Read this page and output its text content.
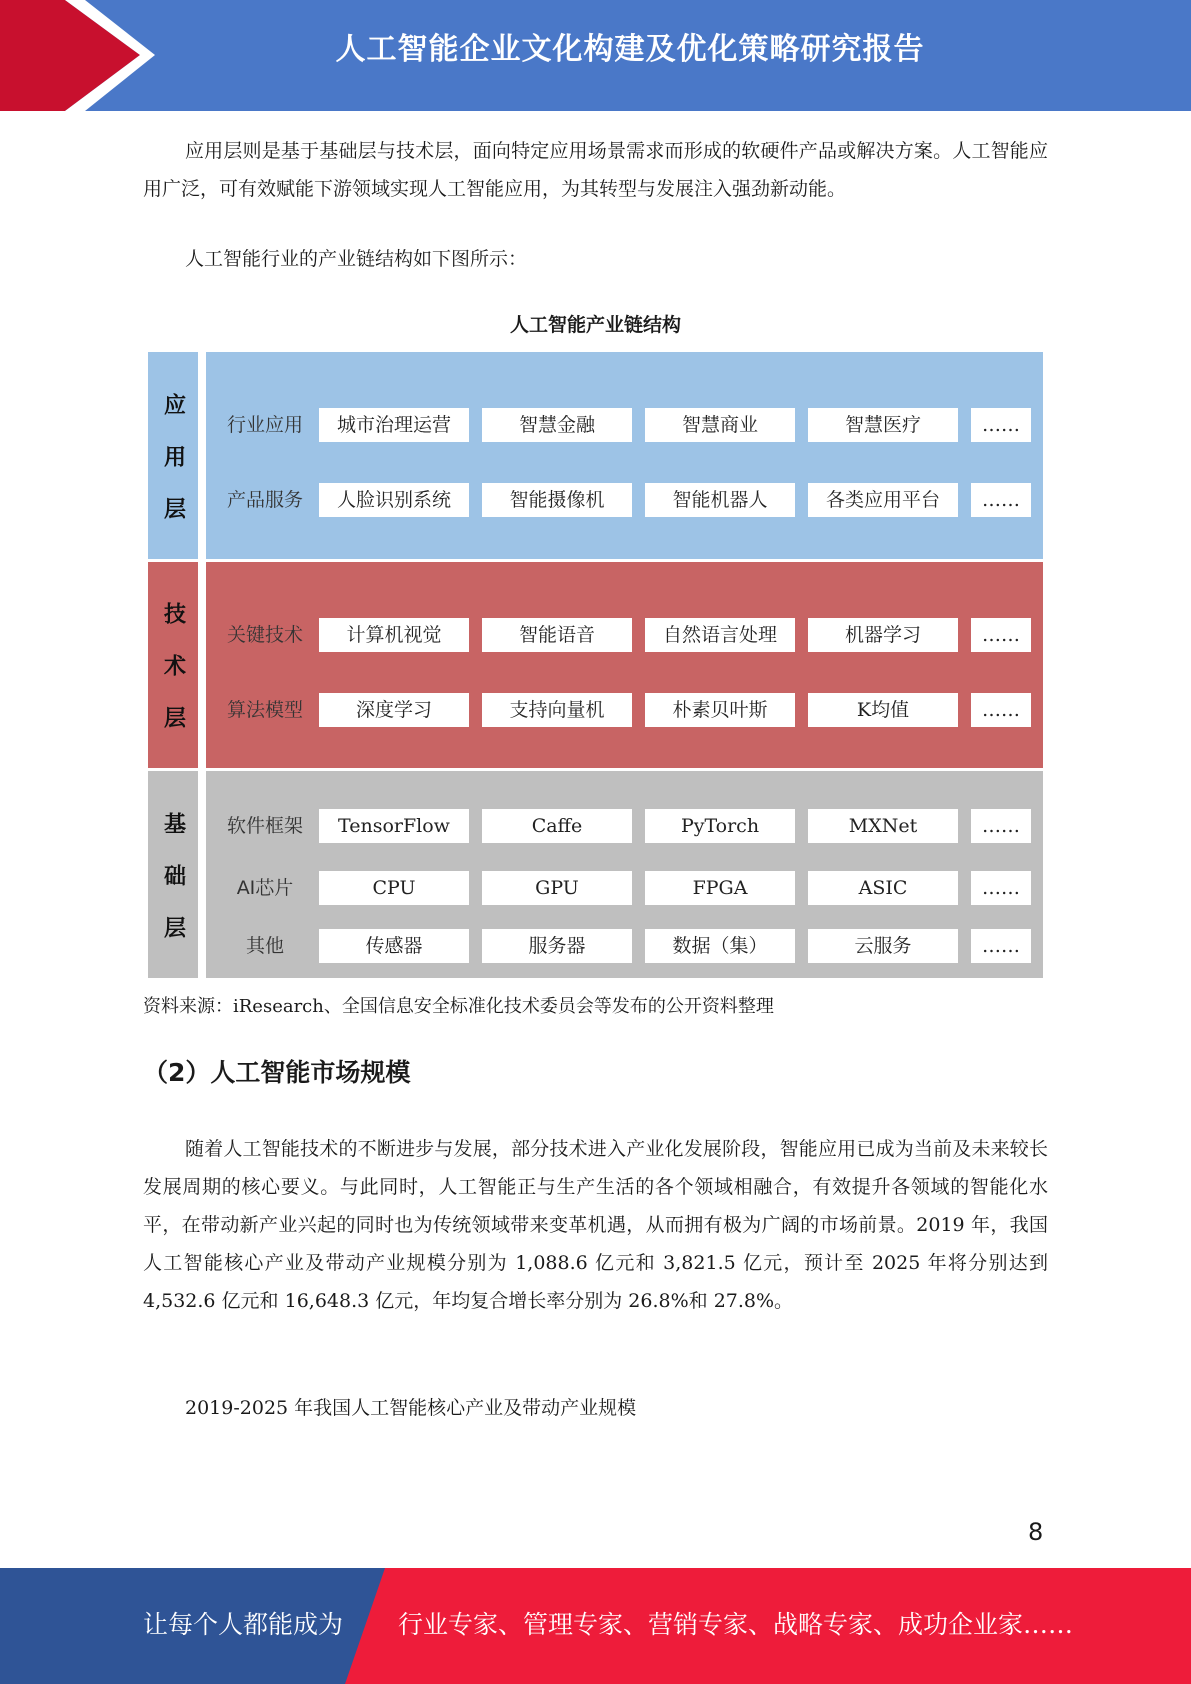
人工智能企业文化构建及优化策略研究报告
应用层则是基于基础层与技术层，面向特定应用场景需求而形成的软硬件产品或解决方案。人工智能应用广泛，可有效赋能下游领域实现人工智能应用，为其转型与发展注入强劲新动能。
人工智能行业的产业链结构如下图所示：
人工智能产业链结构
应用层	行业应用	城市治理运营	智慧金融	智慧商业	智慧医疗	……
产品服务	人脸识别系统	智能摄像机	智能机器人	各类应用平台	……
技术层	关键技术	计算机视觉	智能语音	自然语言处理	机器学习	……
算法模型	深度学习	支持向量机	朴素贝叶斯	K均值	……
基础层	软件框架	TensorFlow	Caffe	PyTorch	MXNet	……
AI芯片	CPU	GPU	FPGA	ASIC	……
其他	传感器	服务器	数据（集）	云服务	……
资料来源：iResearch、全国信息安全标准化技术委员会等发布的公开资料整理
（2）人工智能市场规模
随着人工智能技术的不断进步与发展，部分技术进入产业化发展阶段，智能应用已成为当前及未来较长发展周期的核心要义。与此同时，人工智能正与生产生活的各个领域相融合，有效提升各领域的智能化水平，在带动新产业兴起的同时也为传统领域带来变革机遇，从而拥有极为广阔的市场前景。2019 年，我国人工智能核心产业及带动产业规模分别为 1,088.6 亿元和 3,821.5 亿元，预计至 2025 年将分别达到 4,532.6 亿元和 16,648.3 亿元，年均复合增长率分别为 26.8%和 27.8%。
2019-2025 年我国人工智能核心产业及带动产业规模
8
让每个人都能成为 行业专家、管理专家、营销专家、战略专家、成功企业家……
